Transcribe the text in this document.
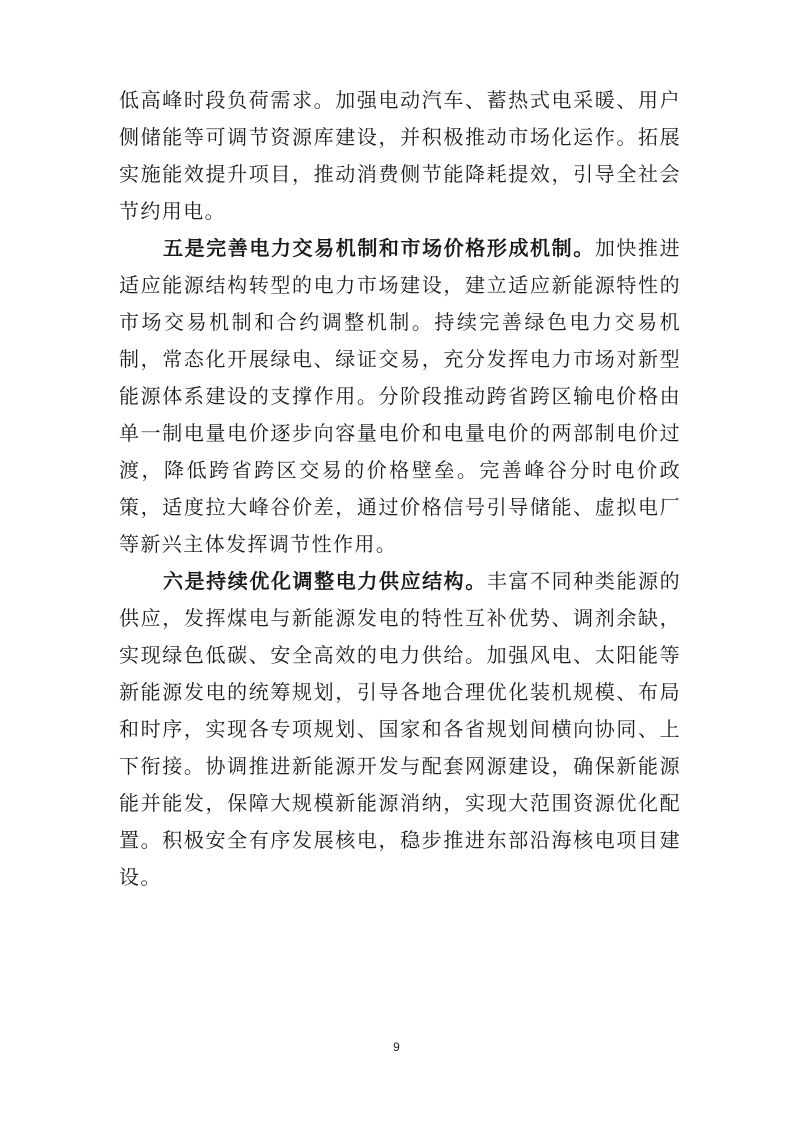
低高峰时段负荷需求。加强电动汽车、蓄热式电采暖、用户侧储能等可调节资源库建设，并积极推动市场化运作。拓展实施能效提升项目，推动消费侧节能降耗提效，引导全社会节约用电。

五是完善电力交易机制和市场价格形成机制。加快推进适应能源结构转型的电力市场建设，建立适应新能源特性的市场交易机制和合约调整机制。持续完善绿色电力交易机制，常态化开展绿电、绿证交易，充分发挥电力市场对新型能源体系建设的支撑作用。分阶段推动跨省跨区输电价格由单一制电量电价逐步向容量电价和电量电价的两部制电价过渡，降低跨省跨区交易的价格壁垒。完善峰谷分时电价政策，适度拉大峰谷价差，通过价格信号引导储能、虚拟电厂等新兴主体发挥调节性作用。

六是持续优化调整电力供应结构。丰富不同种类能源的供应，发挥煤电与新能源发电的特性互补优势、调剂余缺，实现绿色低碳、安全高效的电力供给。加强风电、太阳能等新能源发电的统筹规划，引导各地合理优化装机规模、布局和时序，实现各专项规划、国家和各省规划间横向协同、上下衔接。协调推进新能源开发与配套网源建设，确保新能源能并能发，保障大规模新能源消纳，实现大范围资源优化配置。积极安全有序发展核电，稳步推进东部沿海核电项目建设。

9
